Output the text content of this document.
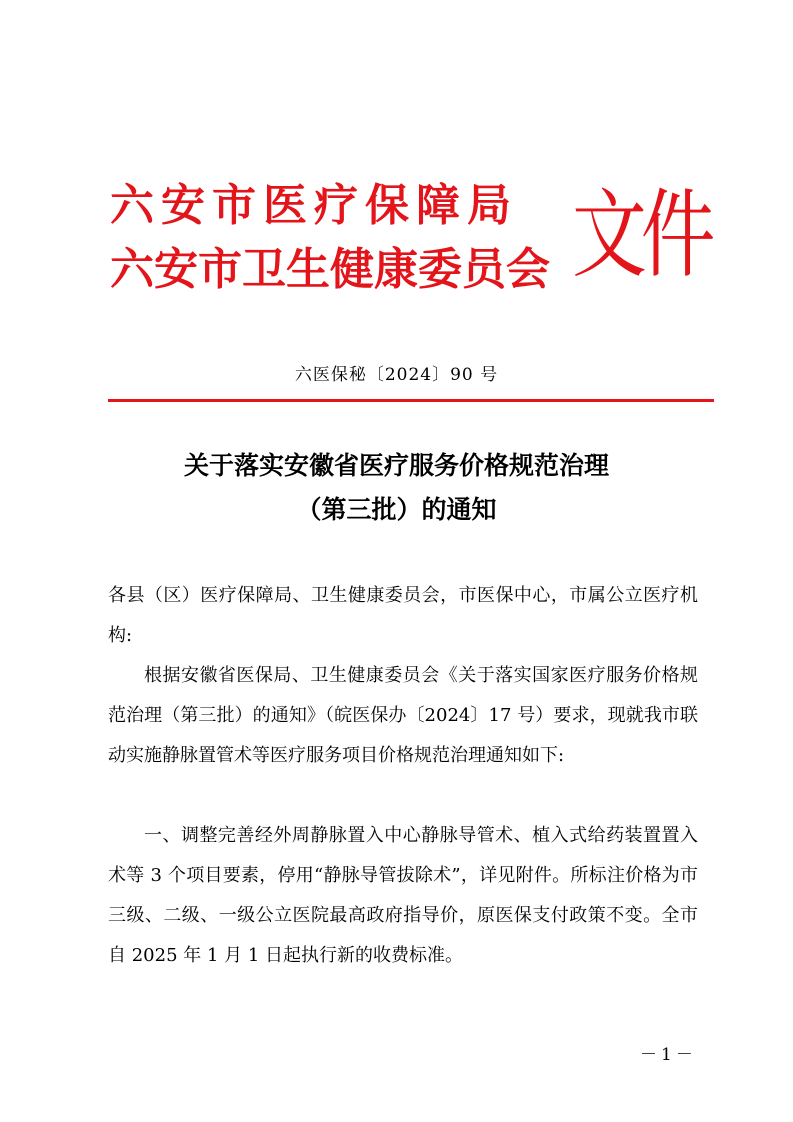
六安市医疗保障局
六安市卫生健康委员会 文件
六医保秘〔2024〕90 号
关于落实安徽省医疗服务价格规范治理
（第三批）的通知
各县（区）医疗保障局、卫生健康委员会，市医保中心，市属公立医疗机构:
根据安徽省医保局、卫生健康委员会《关于落实国家医疗服务价格规范治理（第三批）的通知》（皖医保办〔2024〕17 号）要求，现就我市联动实施静脉置管术等医疗服务项目价格规范治理通知如下:
一、调整完善经外周静脉置入中心静脉导管术、植入式给药装置置入术等 3 个项目要素，停用“静脉导管拔除术”，详见附件。所标注价格为市三级、二级、一级公立医院最高政府指导价，原医保支付政策不变。全市自 2025 年 1 月 1 日起执行新的收费标准。
－1－
